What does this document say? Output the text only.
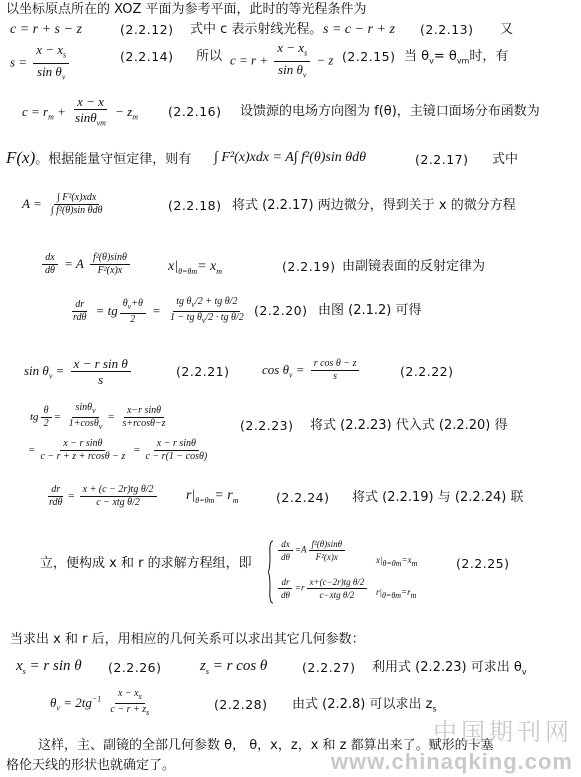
以坐标原点所在的 XOZ 平面为参考平面，此时的等光程条件为
c = r + s − z	(2.2.12) 式中 c 表示射线光程。 s = c − r + z (2.2.13) 又
$s = \frac{x - x_s}{\sin \theta_v}$	(2.2.14) 所以 $c = r + \frac{x - x_s}{\sin \theta_v} - z$ (2.2.15) 当 $\theta_v= \theta_{vm}$时，有
$c = r_m + \frac{x - x}{\sin\theta_{vm}} - z_m$ (2.2.16) 设馈源的电场方向图为 f(θ)，主镜口面场分布函数为
F(x)。根据能量守恒定律，则有 ∫ F²(x)xdx = A∫ f²(θ)sin θdθ	(2.2.17) 式中
$A = \frac{\text{∫ F²(x)xdx}}{\text{∫ f²(θ)sin θdθ}}$	(2.2.18) 将式 (2.2.17) 两边微分，得到关于 x 的微分方程
$\frac{dx}{d\theta} = A \frac{\text{f²(θ)sinθ}}{\text{F²(x)x}}$	$x|_{\theta=\theta m}= x_m$	(2.2.19) 由副镜表面的反射定律为
$\frac{dr}{\text{rdθ}}$ = tg $\frac{\theta_v+\theta}{2} = \frac{tg \theta_v/2 + tg \theta/2}{1 - tg \theta_v/2 \cdot tg \theta/2} (2.2.20)$ 由图 (2.1.2) 可得
$\sin \theta_v = \frac{\text{x − r sin θ}}{s}$	(2.2.21) $\cos \theta_v = \frac{\text{r cos θ − z}}{s}$	(2.2.22)
tg $\frac{\theta}{2} = \frac{\sin\theta_v}{1+\cos\theta_v} = \frac{\text{x−r sinθ}}{s+rcos\theta-z}$	(2.2.23) 将式 (2.2.23) 代入式 (2.2.20) 得
= $\frac{\text{x − r sinθ}}{c - r + z + rcos\theta - z} = \frac{\text{x − r sinθ}}{c - r(1 - \cos\theta)}$
$\frac{dr}{\text{rdθ}} = \frac{\text{x + (c − 2r)tg θ/2}}{\text{c − xtg θ/2}} r|_{\theta=\theta m}= r_m$	(2.2.24) 将式 (2.2.19) 与 (2.2.24) 联
立，便构成 x 和 r 的求解方程组，即
$\frac{dx}{d\theta} =A \frac{\text{f²(θ)sinθ}}{\text{F²(x)x}}$	$x|_{\theta=\theta m}=x_m$
$\frac{dr}{d\theta} =r \frac{\text{x+(c−2r)tg θ/2}}{\text{c−xtg θ/2}} r|_{\theta=\theta m}=r_m$
(2.2.25)
当求出 x 和 r 后，用相应的几何关系可以求出其它几何参数：
$x_s = r$ sin θ (2.2.26)	$z_s = r$ cos θ	(2.2.27) 利用式 (2.2.23) 可求出 $\theta_v$
$\theta_v = 2tg^{-1} \frac{x - x_s}{c - r + z_s}$	(2.2.28) 由式 (2.2.8) 可以求出 $z_s$
这样，主、副镜的全部几何参数 θ， θ，x，z，x 和 z 都算出来了。赋形的卡塞
格伦天线的形状也就确定了。
中国期刊网
www.chinaqking.com
